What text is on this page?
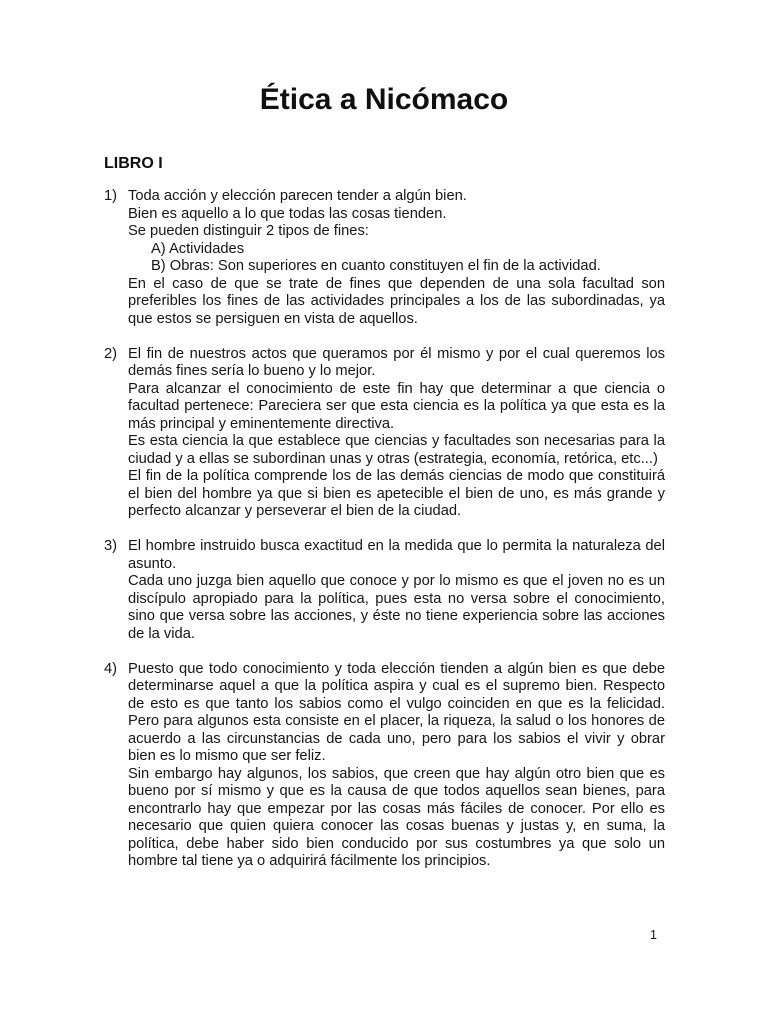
Ética a Nicómaco
LIBRO I
1) Toda acción y elección parecen tender a algún bien.

Bien es aquello a lo que todas las cosas tienden.

Se pueden distinguir 2 tipos de fines:

A) Actividades

B) Obras: Son superiores en cuanto constituyen el fin de la actividad.

En el caso de que se trate de fines que dependen de una sola facultad son preferibles los fines de las actividades principales a los de las subordinadas, ya que estos se persiguen en vista de aquellos.

2) El fin de nuestros actos que queramos por él mismo y por el cual queremos los demás fines sería lo bueno y lo mejor.

Para alcanzar el conocimiento de este fin hay que determinar a que ciencia o facultad pertenece: Pareciera ser que esta ciencia es la política ya que esta es la más principal y eminentemente directiva.

Es esta ciencia la que establece que ciencias y facultades son necesarias para la ciudad y a ellas se subordinan unas y otras (estrategia, economía, retórica, etc...)

El fin de la política comprende los de las demás ciencias de modo que constituirá el bien del hombre ya que si bien es apetecible el bien de uno, es más grande y perfecto alcanzar y perseverar el bien de la ciudad.

3) El hombre instruido busca exactitud en la medida que lo permita la naturaleza del asunto.

Cada uno juzga bien aquello que conoce y por lo mismo es que el joven no es un discípulo apropiado para la política, pues esta no versa sobre el conocimiento, sino que versa sobre las acciones, y éste no tiene experiencia sobre las acciones de la vida.

4) Puesto que todo conocimiento y toda elección tienden a algún bien es que debe determinarse aquel a que la política aspira y cual es el supremo bien. Respecto de esto es que tanto los sabios como el vulgo coinciden en que es la felicidad. Pero para algunos esta consiste en el placer, la riqueza, la salud o los honores de acuerdo a las circunstancias de cada uno, pero para los sabios el vivir y obrar bien es lo mismo que ser feliz.

Sin embargo hay algunos, los sabios, que creen que hay algún otro bien que es bueno por sí mismo y que es la causa de que todos aquellos sean bienes, para encontrarlo hay que empezar por las cosas más fáciles de conocer. Por ello es necesario que quien quiera conocer las cosas buenas y justas y, en suma, la política, debe haber sido bien conducido por sus costumbres ya que solo un hombre tal tiene ya o adquirirá fácilmente los principios.

1
